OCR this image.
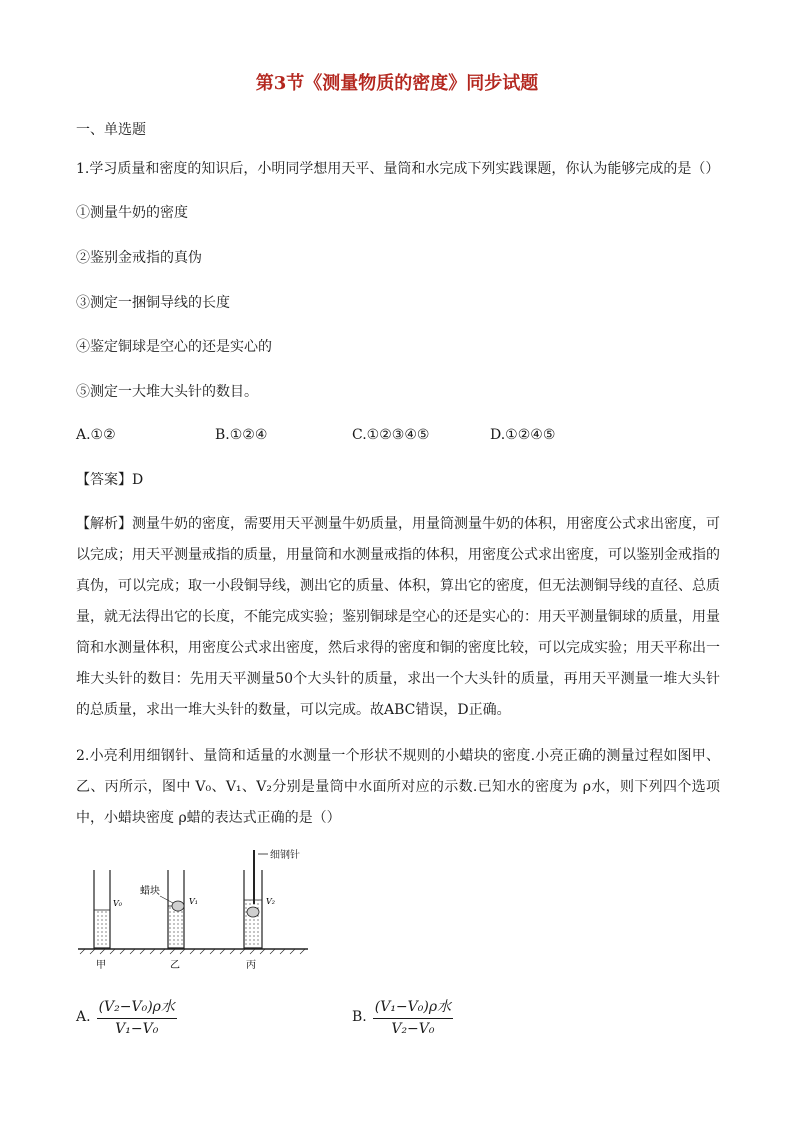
第3节《测量物质的密度》同步试题
一、单选题
1.学习质量和密度的知识后，小明同学想用天平、量筒和水完成下列实践课题，你认为能够完成的是（）
①测量牛奶的密度
②鉴别金戒指的真伪
③测定一捆铜导线的长度
④鉴定铜球是空心的还是实心的
⑤测定一大堆大头针的数目。
A.①②	B.①②④	C.①②③④⑤	D.①②④⑤
【答案】D
【解析】测量牛奶的密度，需要用天平测量牛奶质量，用量筒测量牛奶的体积，用密度公式求出密度，可以完成；用天平测量戒指的质量，用量筒和水测量戒指的体积，用密度公式求出密度，可以鉴别金戒指的真伪，可以完成；取一小段铜导线，测出它的质量、体积，算出它的密度，但无法测铜导线的直径、总质量，就无法得出它的长度，不能完成实验；鉴别铜球是空心的还是实心的：用天平测量铜球的质量，用量筒和水测量体积，用密度公式求出密度，然后求得的密度和铜的密度比较，可以完成实验；用天平称出一堆大头针的数目：先用天平测量50个大头针的质量，求出一个大头针的质量，再用天平测量一堆大头针的总质量，求出一堆大头针的数量，可以完成。故ABC错误，D正确。
2.小亮利用细钢针、量筒和适量的水测量一个形状不规则的小蜡块的密度.小亮正确的测量过程如图甲、乙、丙所示，图中 V₀、V₁、V₂分别是量筒中水面所对应的示数.已知水的密度为 ρ水，则下列四个选项中，小蜡块密度 ρ蜡的表达式正确的是（）
细钢针
V₀
蜡块
V₁	V₂
甲	乙	丙
A. $\frac{\text{(V₂−V₀)ρ水}}{\text{V₁−V₀}}$	B. $\frac{\text{(V₁−V₀)ρ水}}{\text{V₂−V₀}}$
